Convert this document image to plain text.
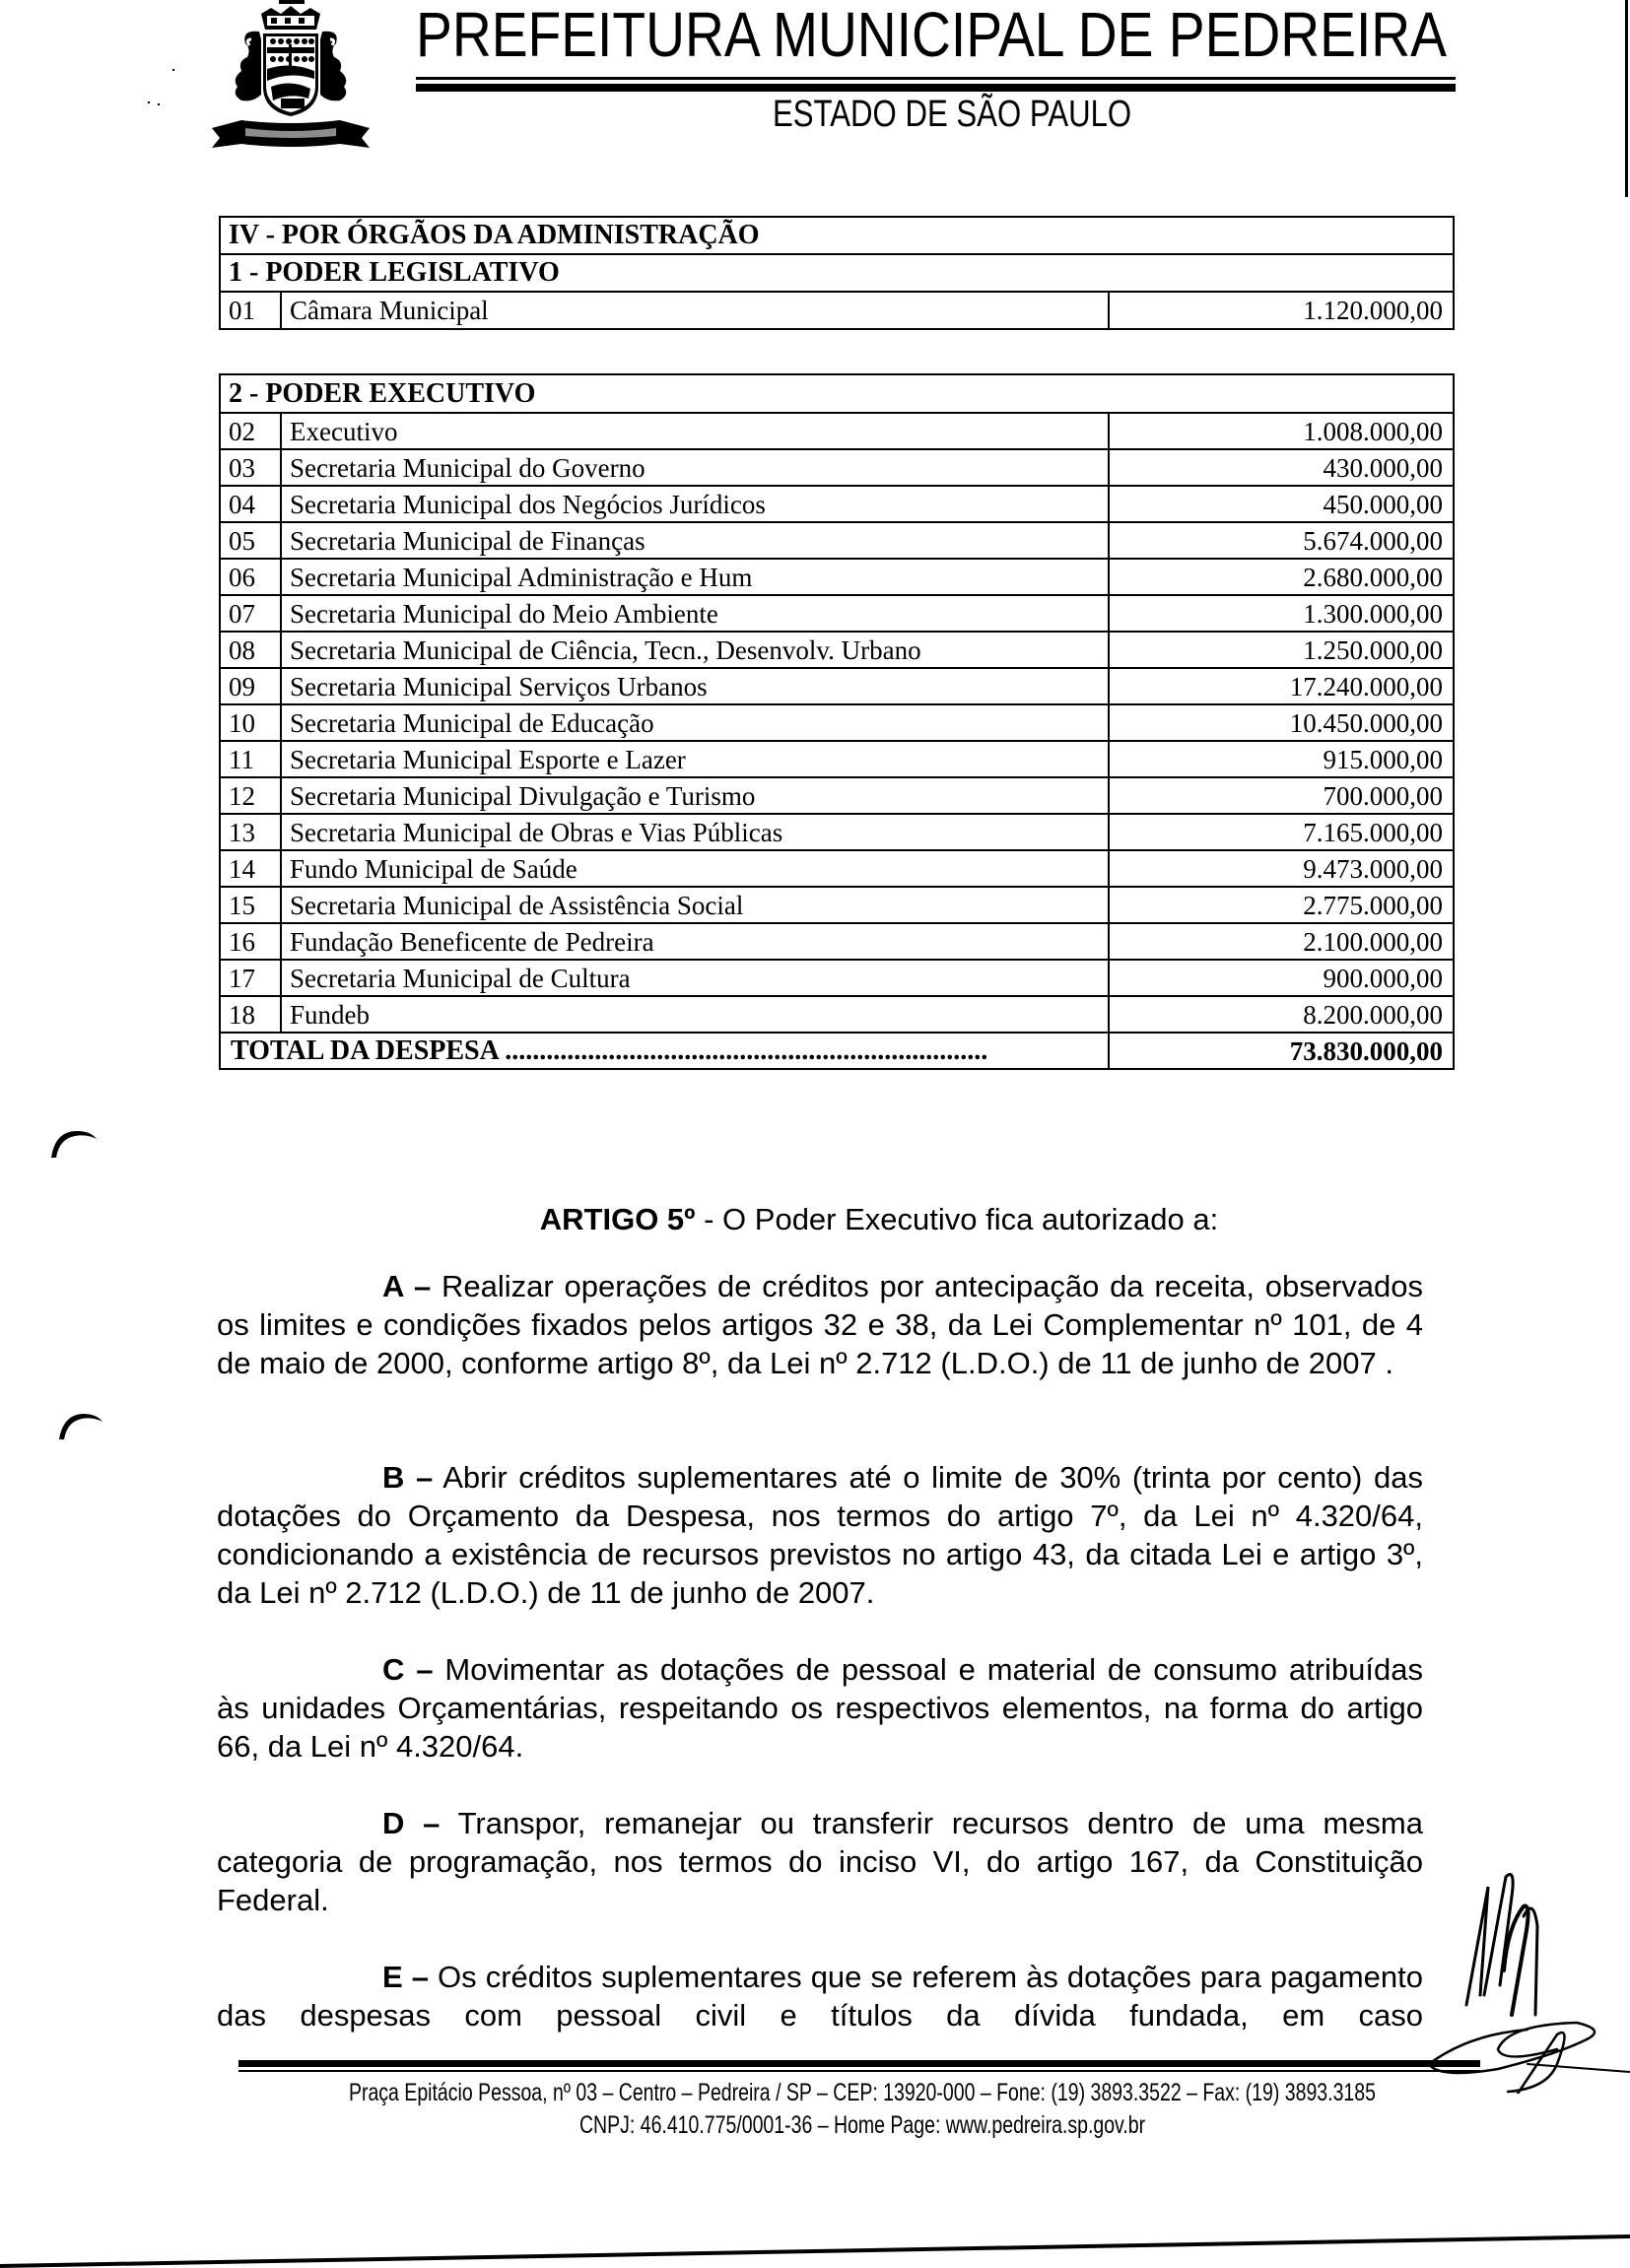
PREFEITURA MUNICIPAL DE PEDREIRA
ESTADO DE SÃO PAULO
IV - POR ÓRGÃOS DA ADMINISTRAÇÃO
1 - PODER LEGISLATIVO
01	Câmara Municipal	1.120.000,00
2 - PODER EXECUTIVO		
02	Executivo	1.008.000,00
03	Secretaria Municipal do Governo	430.000,00
04	Secretaria Municipal dos Negócios Jurídicos	450.000,00
05	Secretaria Municipal de Finanças	5.674.000,00
06	Secretaria Municipal Administração e Hum	2.680.000,00
07	Secretaria Municipal do Meio Ambiente	1.300.000,00
08	Secretaria Municipal de Ciência, Tecn., Desenvolv. Urbano	1.250.000,00
09	Secretaria Municipal Serviços Urbanos	17.240.000,00
10	Secretaria Municipal de Educação	10.450.000,00
11	Secretaria Municipal Esporte e Lazer	915.000,00
12	Secretaria Municipal Divulgação e Turismo	700.000,00
13	Secretaria Municipal de Obras e Vias Públicas	7.165.000,00
14	Fundo Municipal de Saúde	9.473.000,00
15	Secretaria Municipal de Assistência Social	2.775.000,00
16	Fundação Beneficente de Pedreira	2.100.000,00
17	Secretaria Municipal de Cultura	900.000,00
18	Fundeb	8.200.000,00
TOTAL DA DESPESA ......................................................................		73.830.000,00
ARTIGO 5º - O Poder Executivo fica autorizado a:
A – Realizar operações de créditos por antecipação da receita, observados os limites e condições fixados pelos artigos 32 e 38, da Lei Complementar nº 101, de 4 de maio de 2000, conforme artigo 8º, da Lei nº 2.712 (L.D.O.) de 11 de junho de 2007 .
B – Abrir créditos suplementares até o limite de 30% (trinta por cento) das dotações do Orçamento da Despesa, nos termos do artigo 7º, da Lei nº 4.320/64, condicionando a existência de recursos previstos no artigo 43, da citada Lei e artigo 3º, da Lei nº 2.712 (L.D.O.) de 11 de junho de 2007.
C – Movimentar as dotações de pessoal e material de consumo atribuídas às unidades Orçamentárias, respeitando os respectivos elementos, na forma do artigo 66, da Lei nº 4.320/64.
D – Transpor, remanejar ou transferir recursos dentro de uma mesma categoria de programação, nos termos do inciso VI, do artigo 167, da Constituição Federal.
E – Os créditos suplementares que se referem às dotações para pagamento das despesas com pessoal civil e títulos da dívida fundada, em caso
Praça Epitácio Pessoa, nº 03 – Centro – Pedreira / SP – CEP: 13920-000 – Fone: (19) 3893.3522 – Fax: (19) 3893.3185
CNPJ: 46.410.775/0001-36 – Home Page: www.pedreira.sp.gov.br
